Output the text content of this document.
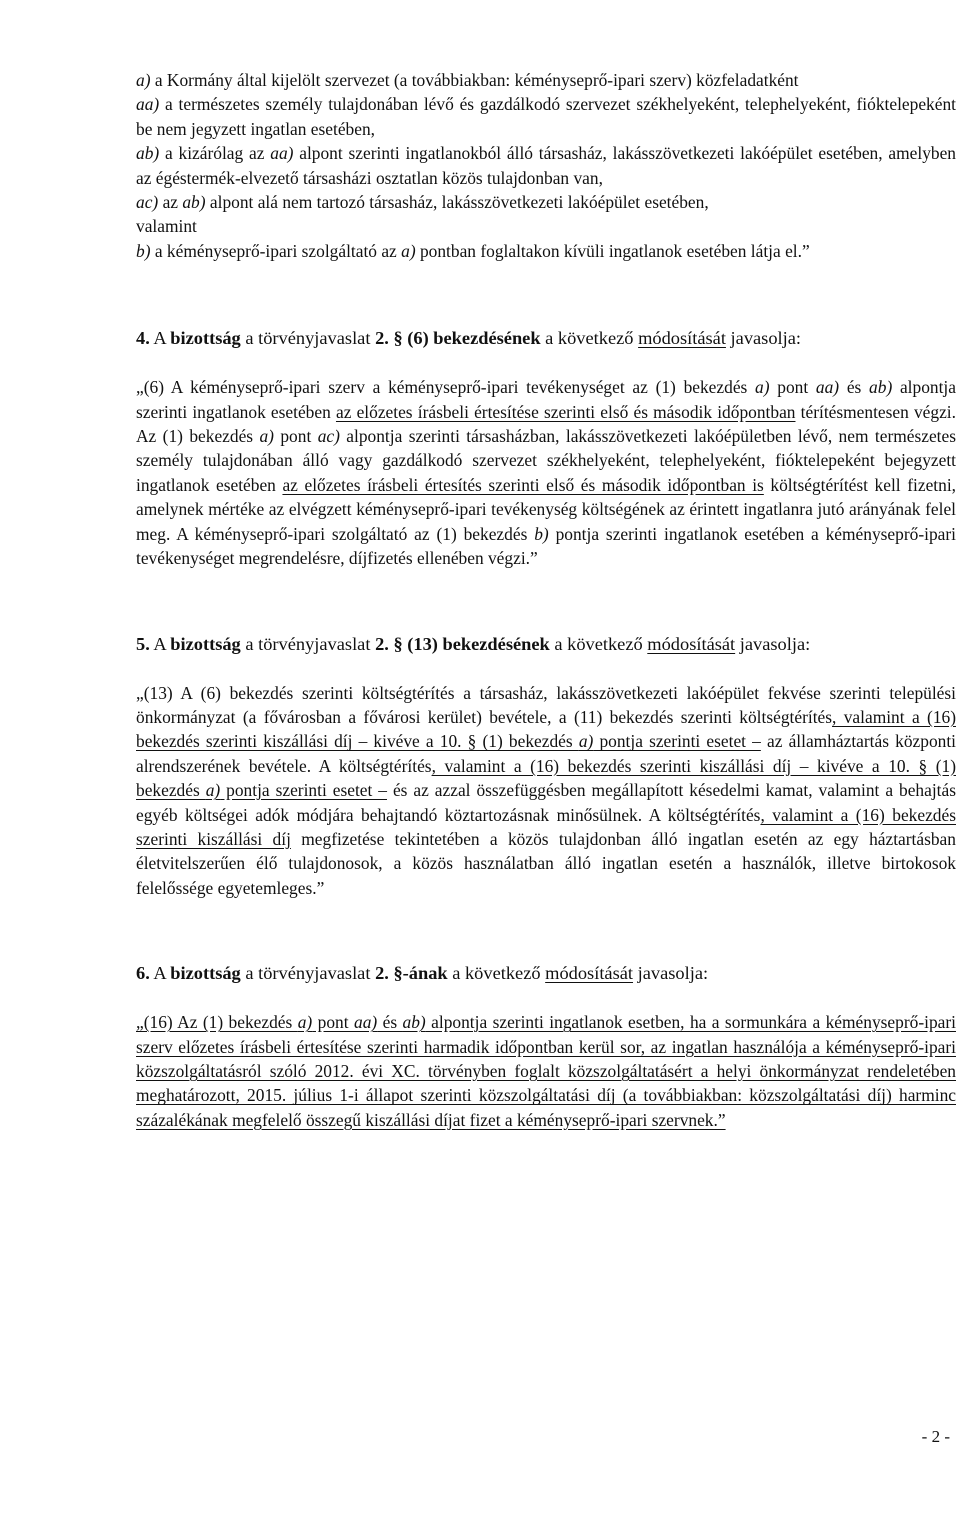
a) a Kormány által kijelölt szervezet (a továbbiakban: kéményseprő-ipari szerv) közfeladatként

aa) a természetes személy tulajdonában lévő és gazdálkodó szervezet székhelyeként, telephelyeként, fióktelepeként be nem jegyzett ingatlan esetében,

ab) a kizárólag az aa) alpont szerinti ingatlanokból álló társasház, lakásszövetkezeti lakóépület esetében, amelyben az égéstermék-elvezető társasházi osztatlan közös tulajdonban van,

ac) az ab) alpont alá nem tartozó társasház, lakásszövetkezeti lakóépület esetében,

valamint

b) a kéményseprő-ipari szolgáltató az a) pontban foglaltakon kívüli ingatlanok esetében látja el.”

4. A bizottság a törvényjavaslat 2. § (6) bekezdésének a következő módosítását javasolja:

„(6) A kéményseprő-ipari szerv a kéményseprő-ipari tevékenységet az (1) bekezdés a) pont aa) és ab) alpontja szerinti ingatlanok esetében az előzetes írásbeli értesítése szerinti első és második időpontban térítésmentesen végzi. Az (1) bekezdés a) pont ac) alpontja szerinti társasházban, lakásszövetkezeti lakóépületben lévő, nem természetes személy tulajdonában álló vagy gazdálkodó szervezet székhelyeként, telephelyeként, fióktelepeként bejegyzett ingatlanok esetében az előzetes írásbeli értesítés szerinti első és második időpontban is költségtérítést kell fizetni, amelynek mértéke az elvégzett kéményseprő-ipari tevékenység költségének az érintett ingatlanra jutó arányának felel meg. A kéményseprő-ipari szolgáltató az (1) bekezdés b) pontja szerinti ingatlanok esetében a kéményseprő-ipari tevékenységet megrendelésre, díjfizetés ellenében végzi.”

5. A bizottság a törvényjavaslat 2. § (13) bekezdésének a következő módosítását javasolja:

„(13) A (6) bekezdés szerinti költségtérítés a társasház, lakásszövetkezeti lakóépület fekvése szerinti települési önkormányzat (a fővárosban a fővárosi kerület) bevétele, a (11) bekezdés szerinti költségtérítés, valamint a (16) bekezdés szerinti kiszállási díj – kivéve a 10. § (1) bekezdés a) pontja szerinti esetet – az államháztartás központi alrendszerének bevétele. A költségtérítés, valamint a (16) bekezdés szerinti kiszállási díj – kivéve a 10. § (1) bekezdés a) pontja szerinti esetet – és az azzal összefüggésben megállapított késedelmi kamat, valamint a behajtás egyéb költségei adók módjára behajtandó köztartozásnak minősülnek. A költségtérítés, valamint a (16) bekezdés szerinti kiszállási díj megfizetése tekintetében a közös tulajdonban álló ingatlan esetén az egy háztartásban életvitelszerűen élő tulajdonosok, a közös használatban álló ingatlan esetén a használók, illetve birtokosok felelőssége egyetemleges.”

6. A bizottság a törvényjavaslat 2. §-ának a következő módosítását javasolja:

„(16) Az (1) bekezdés a) pont aa) és ab) alpontja szerinti ingatlanok esetben, ha a sormunkára a kéményseprő-ipari szerv előzetes írásbeli értesítése szerinti harmadik időpontban kerül sor, az ingatlan használója a kéményseprő-ipari közszolgáltatásról szóló 2012. évi XC. törvényben foglalt közszolgáltatásért a helyi önkormányzat rendeletében meghatározott, 2015. július 1-i állapot szerinti közszolgáltatási díj (a továbbiakban: közszolgáltatási díj) harminc százalékának megfelelő összegű kiszállási díjat fizet a kéményseprő-ipari szervnek.”

- 2 -
